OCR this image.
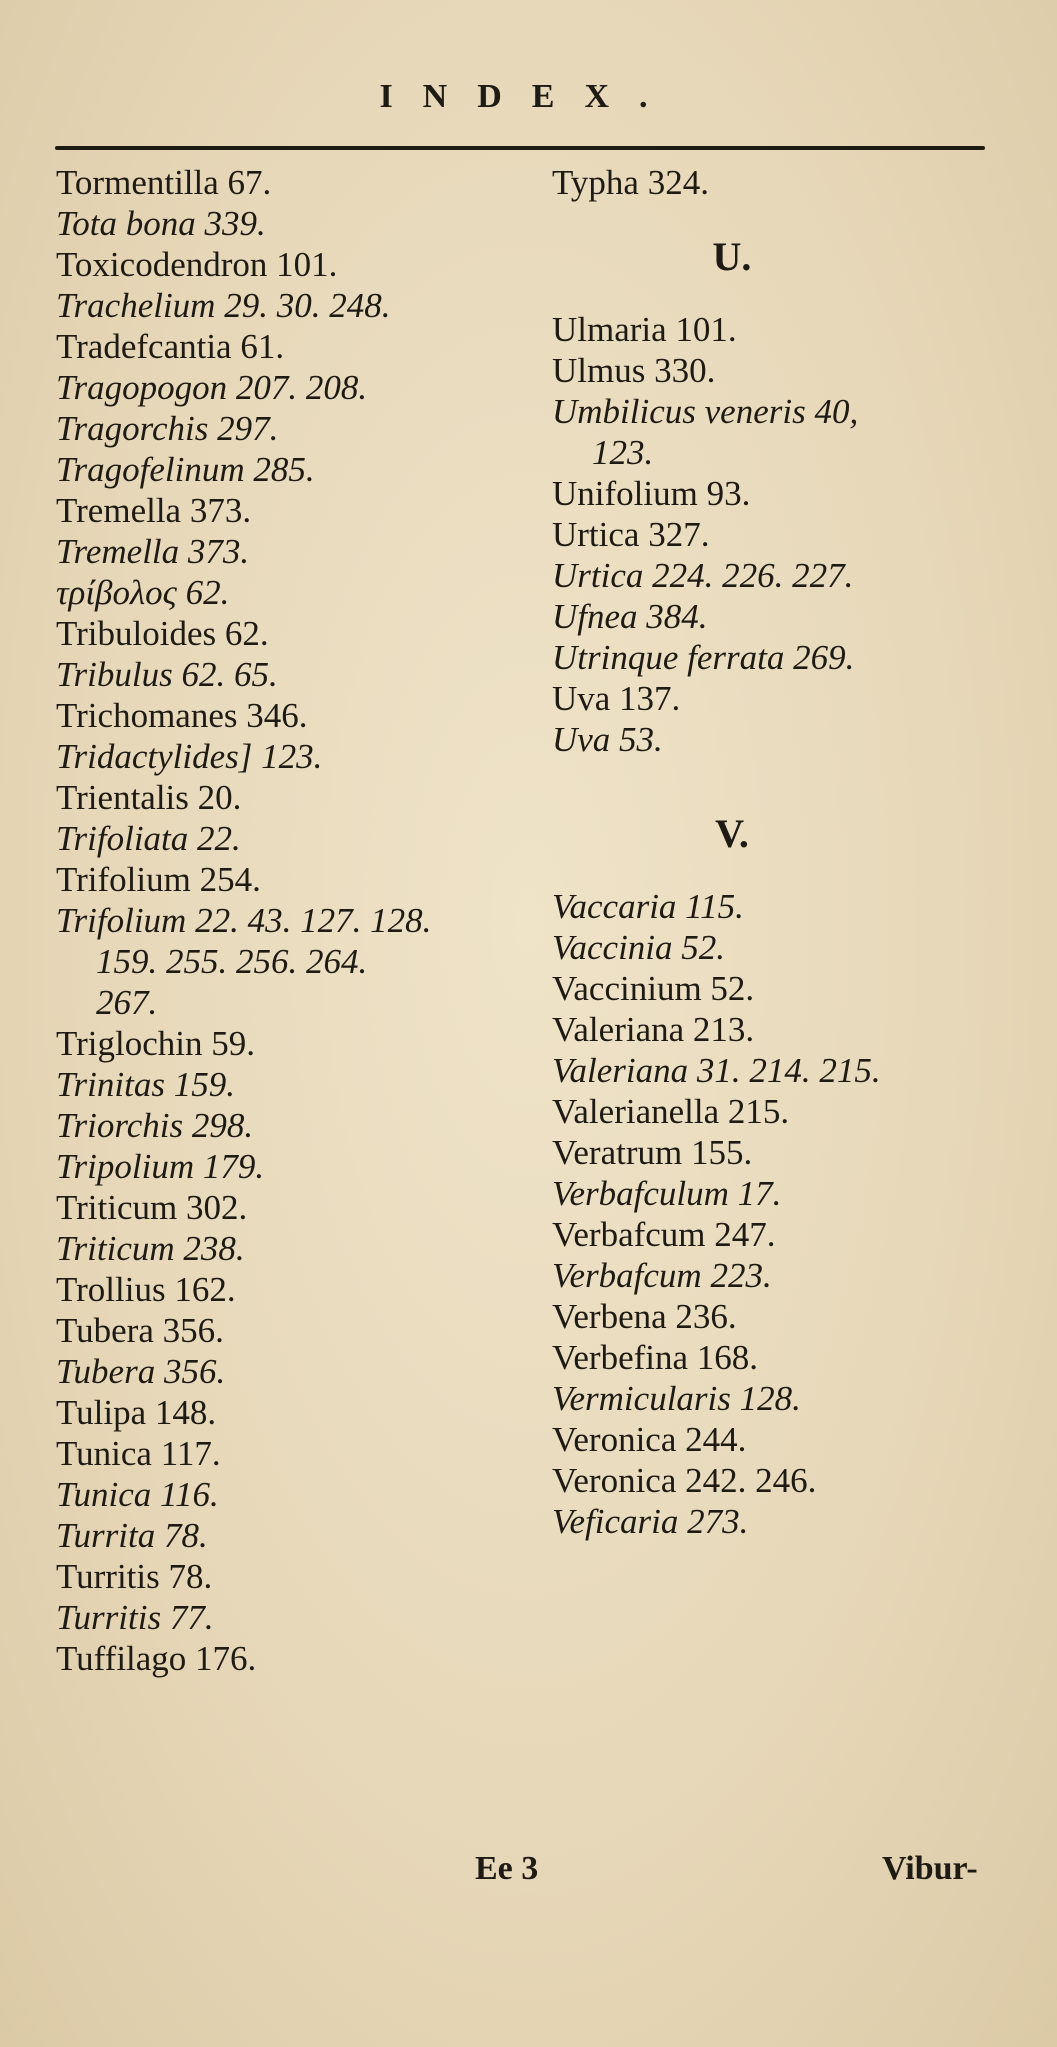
INDEX.
Tormentilla 67.
Tota bona 339.
Toxicodendron 101.
Trachelium 29. 30. 248.
Tradefcantia 61.
Tragopogon 207. 208.
Tragorchis 297.
Tragofelinum 285.
Tremella 373.
Tremella 373.
τρίβολος 62.
Tribuloides 62.
Tribulus 62. 65.
Trichomanes 346.
Tridactylides] 123.
Trientalis 20.
Trifoliata 22.
Trifolium 254.
Trifolium 22. 43. 127. 128.
159. 255. 256. 264.
267.
Triglochin 59.
Trinitas 159.
Triorchis 298.
Tripolium 179.
Triticum 302.
Triticum 238.
Trollius 162.
Tubera 356.
Tubera 356.
Tulipa 148.
Tunica 117.
Tunica 116.
Turrita 78.
Turritis 78.
Turritis 77.
Tuffilago 176.
Typha 324.
U.
Ulmaria 101.
Ulmus 330.
Umbilicus veneris 40,
123.
Unifolium 93.
Urtica 327.
Urtica 224. 226. 227.
Ufnea 384.
Utrinque ferrata 269.
Uva 137.
Uva 53.
V.
Vaccaria 115.
Vaccinia 52.
Vaccinium 52.
Valeriana 213.
Valeriana 31. 214. 215.
Valerianella 215.
Veratrum 155.
Verbafculum 17.
Verbafcum 247.
Verbafcum 223.
Verbena 236.
Verbefina 168.
Vermicularis 128.
Veronica 244.
Veronica 242. 246.
Veficaria 273.
Ee 3	Vibur-
